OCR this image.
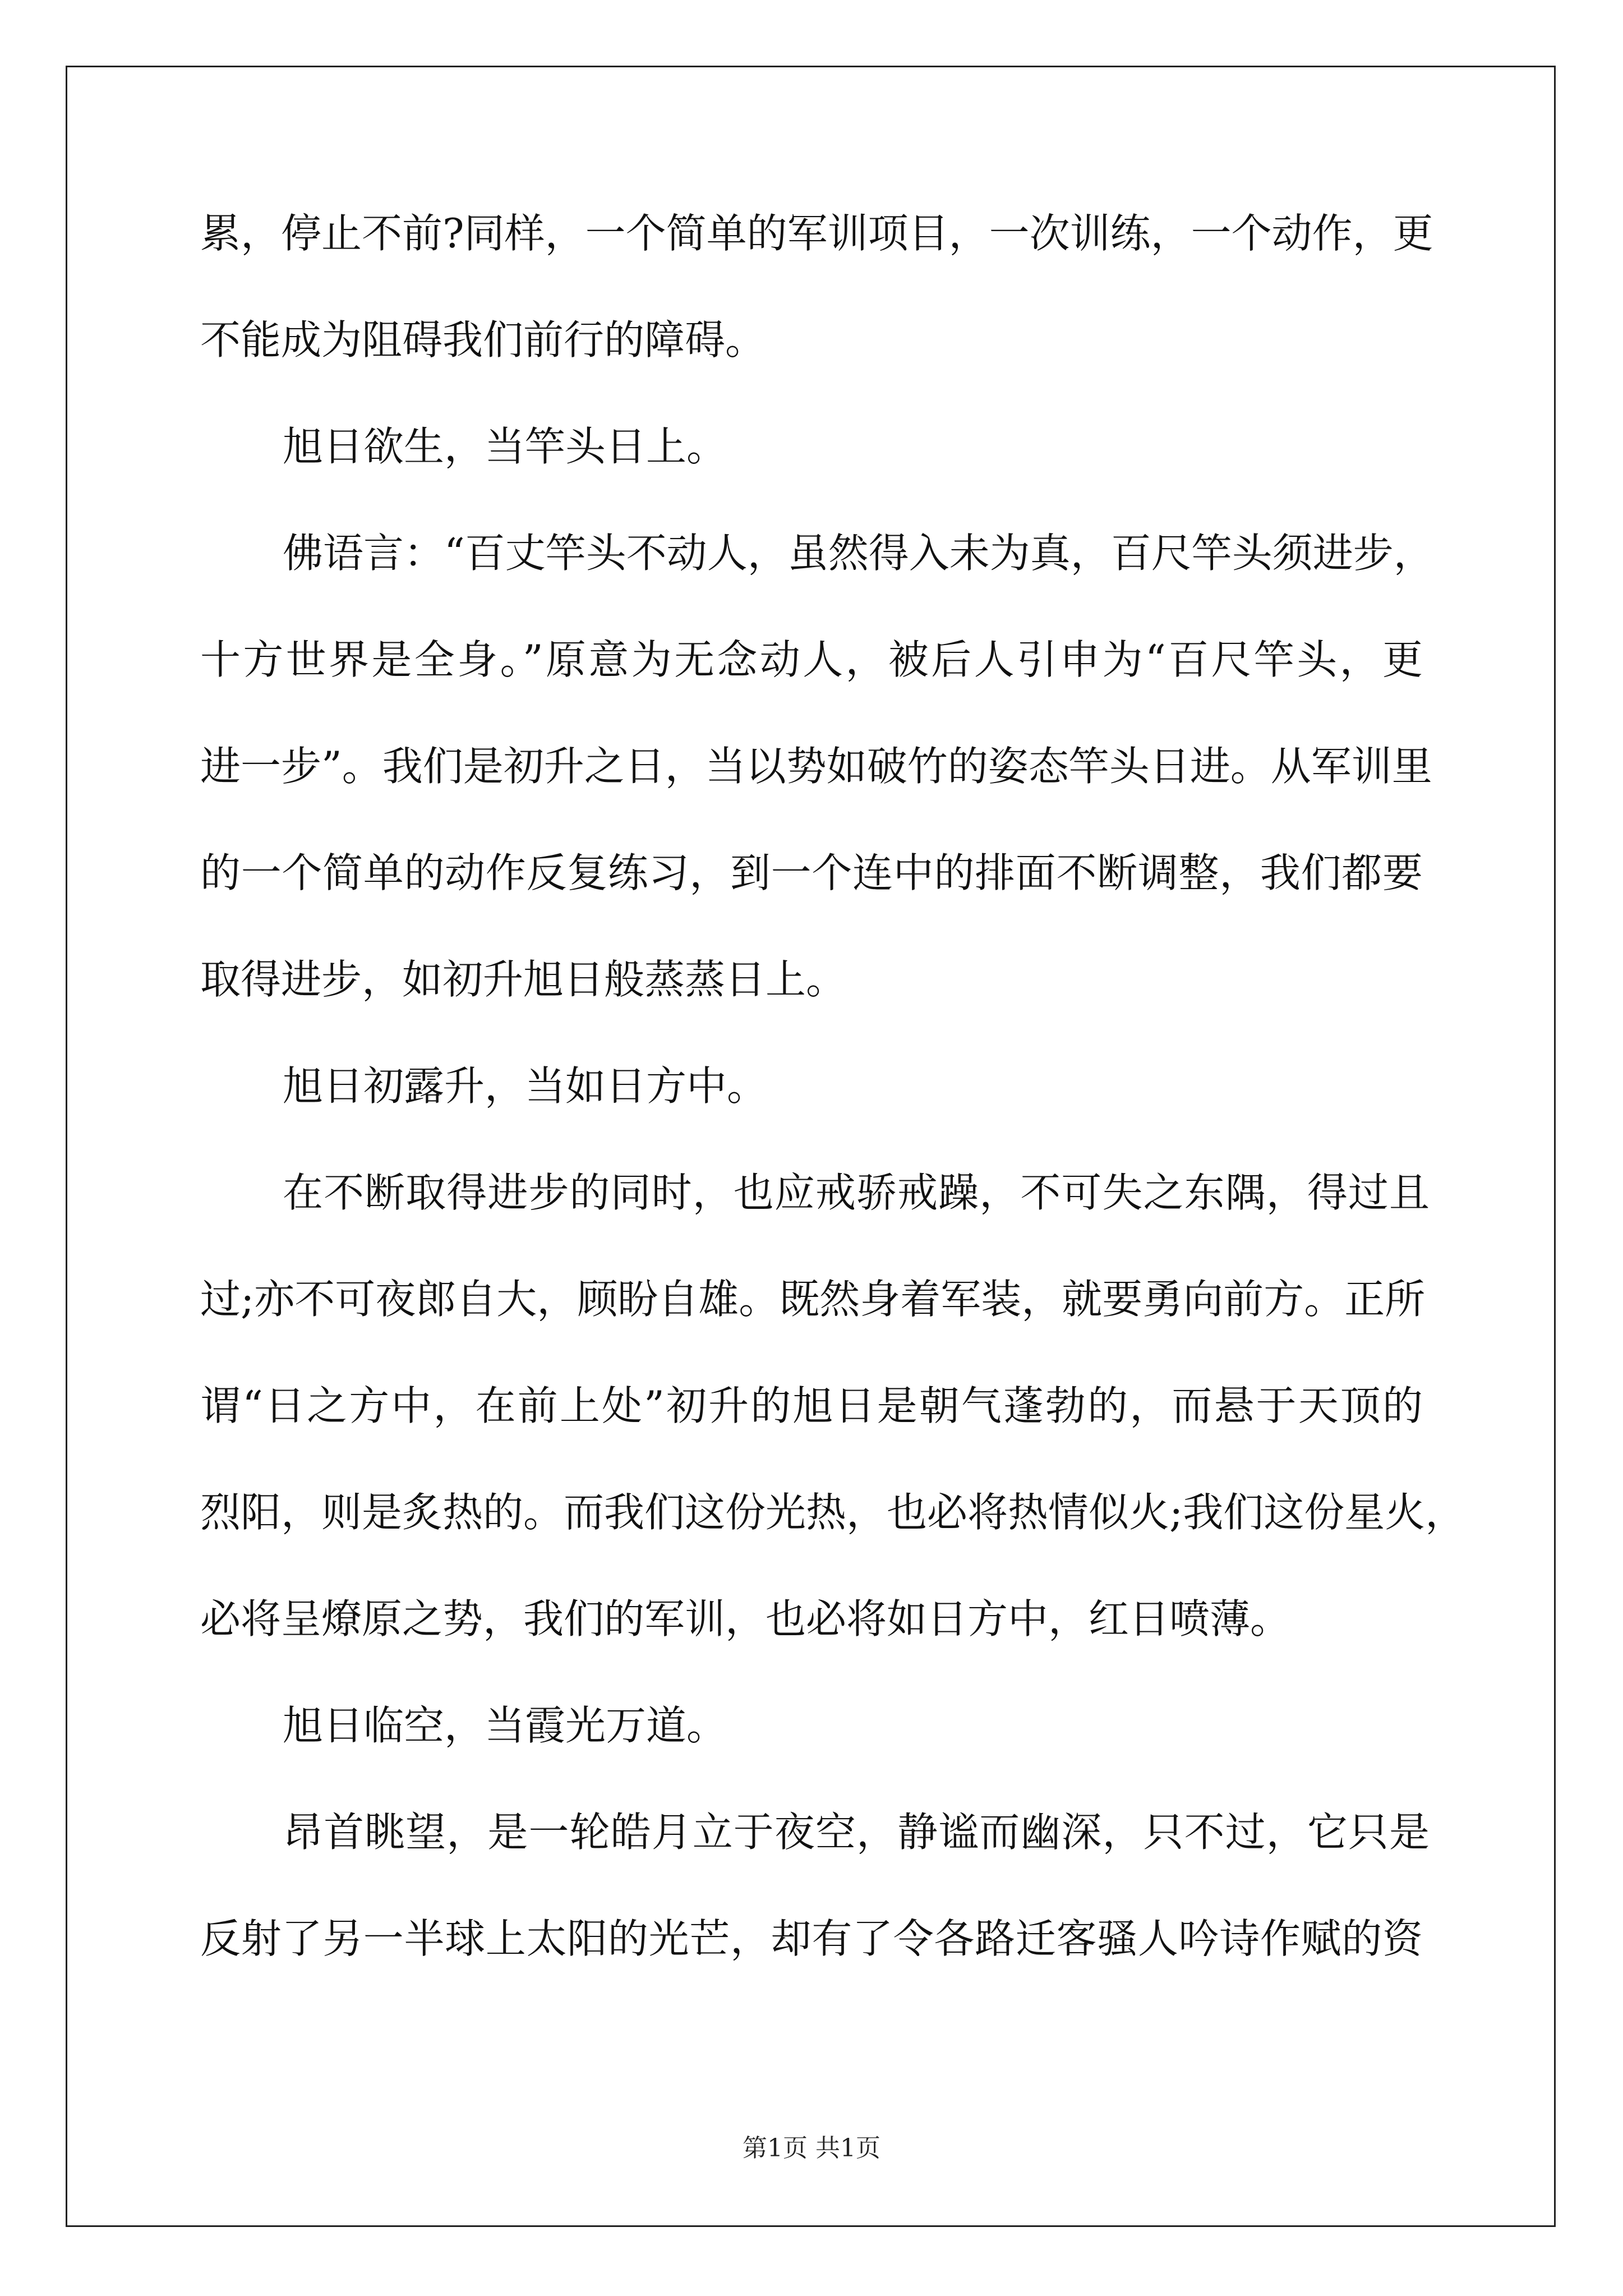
累，停止不前?同样，一个简单的军训项目，一次训练，一个动作，更
不能成为阻碍我们前行的障碍。
旭日欲生，当竿头日上。
佛语言：“百丈竿头不动人，虽然得入未为真，百尺竿头须进步，
十方世界是全身。”原意为无念动人，被后人引申为“百尺竿头，更
进一步”。我们是初升之日，当以势如破竹的姿态竿头日进。从军训里
的一个简单的动作反复练习，到一个连中的排面不断调整，我们都要
取得进步，如初升旭日般蒸蒸日上。
旭日初露升，当如日方中。
在不断取得进步的同时，也应戒骄戒躁，不可失之东隅，得过且
过;亦不可夜郎自大，顾盼自雄。既然身着军装，就要勇向前方。正所
谓“日之方中，在前上处”初升的旭日是朝气蓬勃的，而悬于天顶的
烈阳，则是炙热的。而我们这份光热，也必将热情似火;我们这份星火，
必将呈燎原之势，我们的军训，也必将如日方中，红日喷薄。
旭日临空，当霞光万道。
昂首眺望，是一轮皓月立于夜空，静谧而幽深，只不过，它只是
反射了另一半球上太阳的光芒，却有了令各路迁客骚人吟诗作赋的资
第1页 共1页
